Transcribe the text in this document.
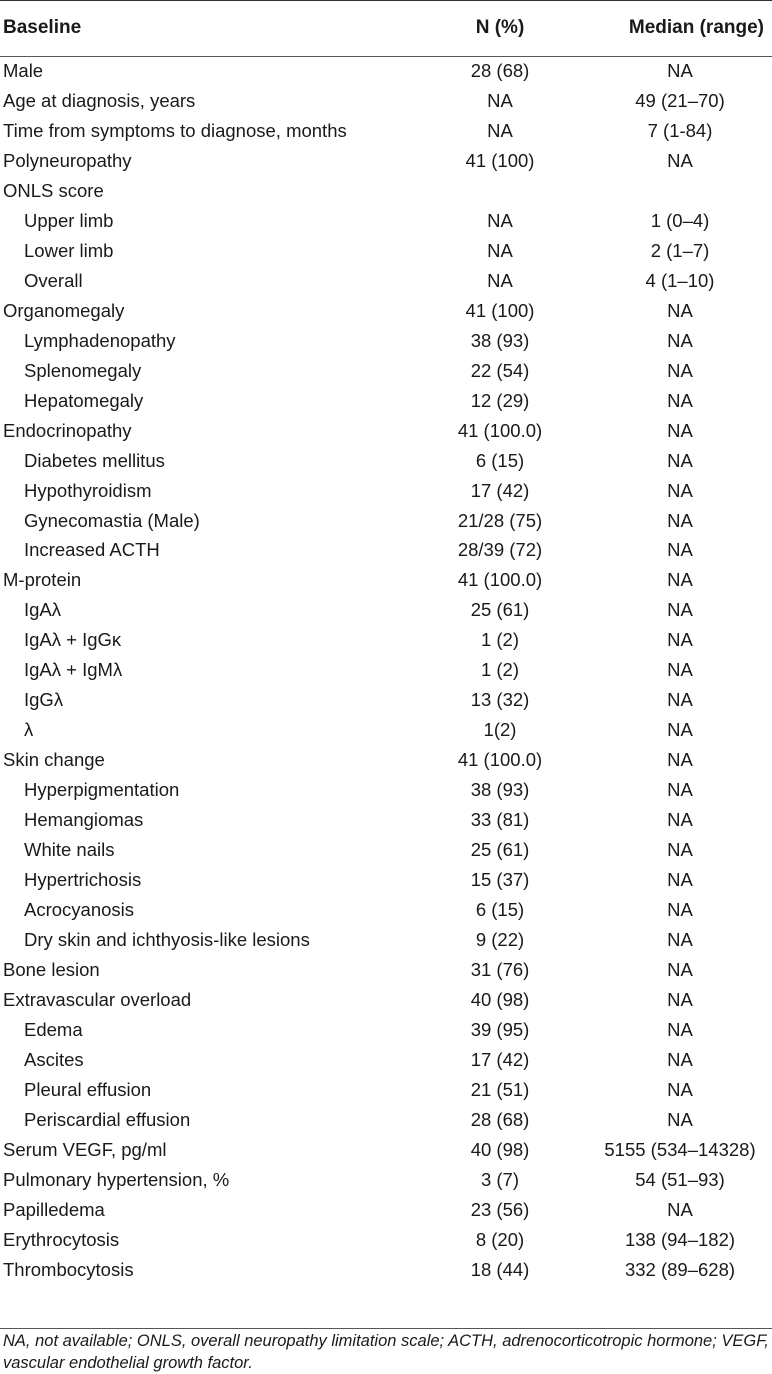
Baseline	N (%)	Median (range)
Male	28 (68)	NA
Age at diagnosis, years	NA	49 (21–70)
Time from symptoms to diagnose, months	NA	7 (1-84)
Polyneuropathy	41 (100)	NA
ONLS score		
Upper limb	NA	1 (0–4)
Lower limb	NA	2 (1–7)
Overall	NA	4 (1–10)
Organomegaly	41 (100)	NA
Lymphadenopathy	38 (93)	NA
Splenomegaly	22 (54)	NA
Hepatomegaly	12 (29)	NA
Endocrinopathy	41 (100.0)	NA
Diabetes mellitus	6 (15)	NA
Hypothyroidism	17 (42)	NA
Gynecomastia (Male)	21/28 (75)	NA
Increased ACTH	28/39 (72)	NA
M-protein	41 (100.0)	NA
IgAλ	25 (61)	NA
IgAλ + IgGκ	1 (2)	NA
IgAλ + IgMλ	1 (2)	NA
IgGλ	13 (32)	NA
λ	1(2)	NA
Skin change	41 (100.0)	NA
Hyperpigmentation	38 (93)	NA
Hemangiomas	33 (81)	NA
White nails	25 (61)	NA
Hypertrichosis	15 (37)	NA
Acrocyanosis	6 (15)	NA
Dry skin and ichthyosis-like lesions	9 (22)	NA
Bone lesion	31 (76)	NA
Extravascular overload	40 (98)	NA
Edema	39 (95)	NA
Ascites	17 (42)	NA
Pleural effusion	21 (51)	NA
Periscardial effusion	28 (68)	NA
Serum VEGF, pg/ml	40 (98)	5155 (534–14328)
Pulmonary hypertension, %	3 (7)	54 (51–93)
Papilledema	23 (56)	NA
Erythrocytosis	8 (20)	138 (94–182)
Thrombocytosis	18 (44)	332 (89–628)
NA, not available; ONLS, overall neuropathy limitation scale; ACTH, adrenocorticotropic hormone; VEGF, vascular endothelial growth factor.
